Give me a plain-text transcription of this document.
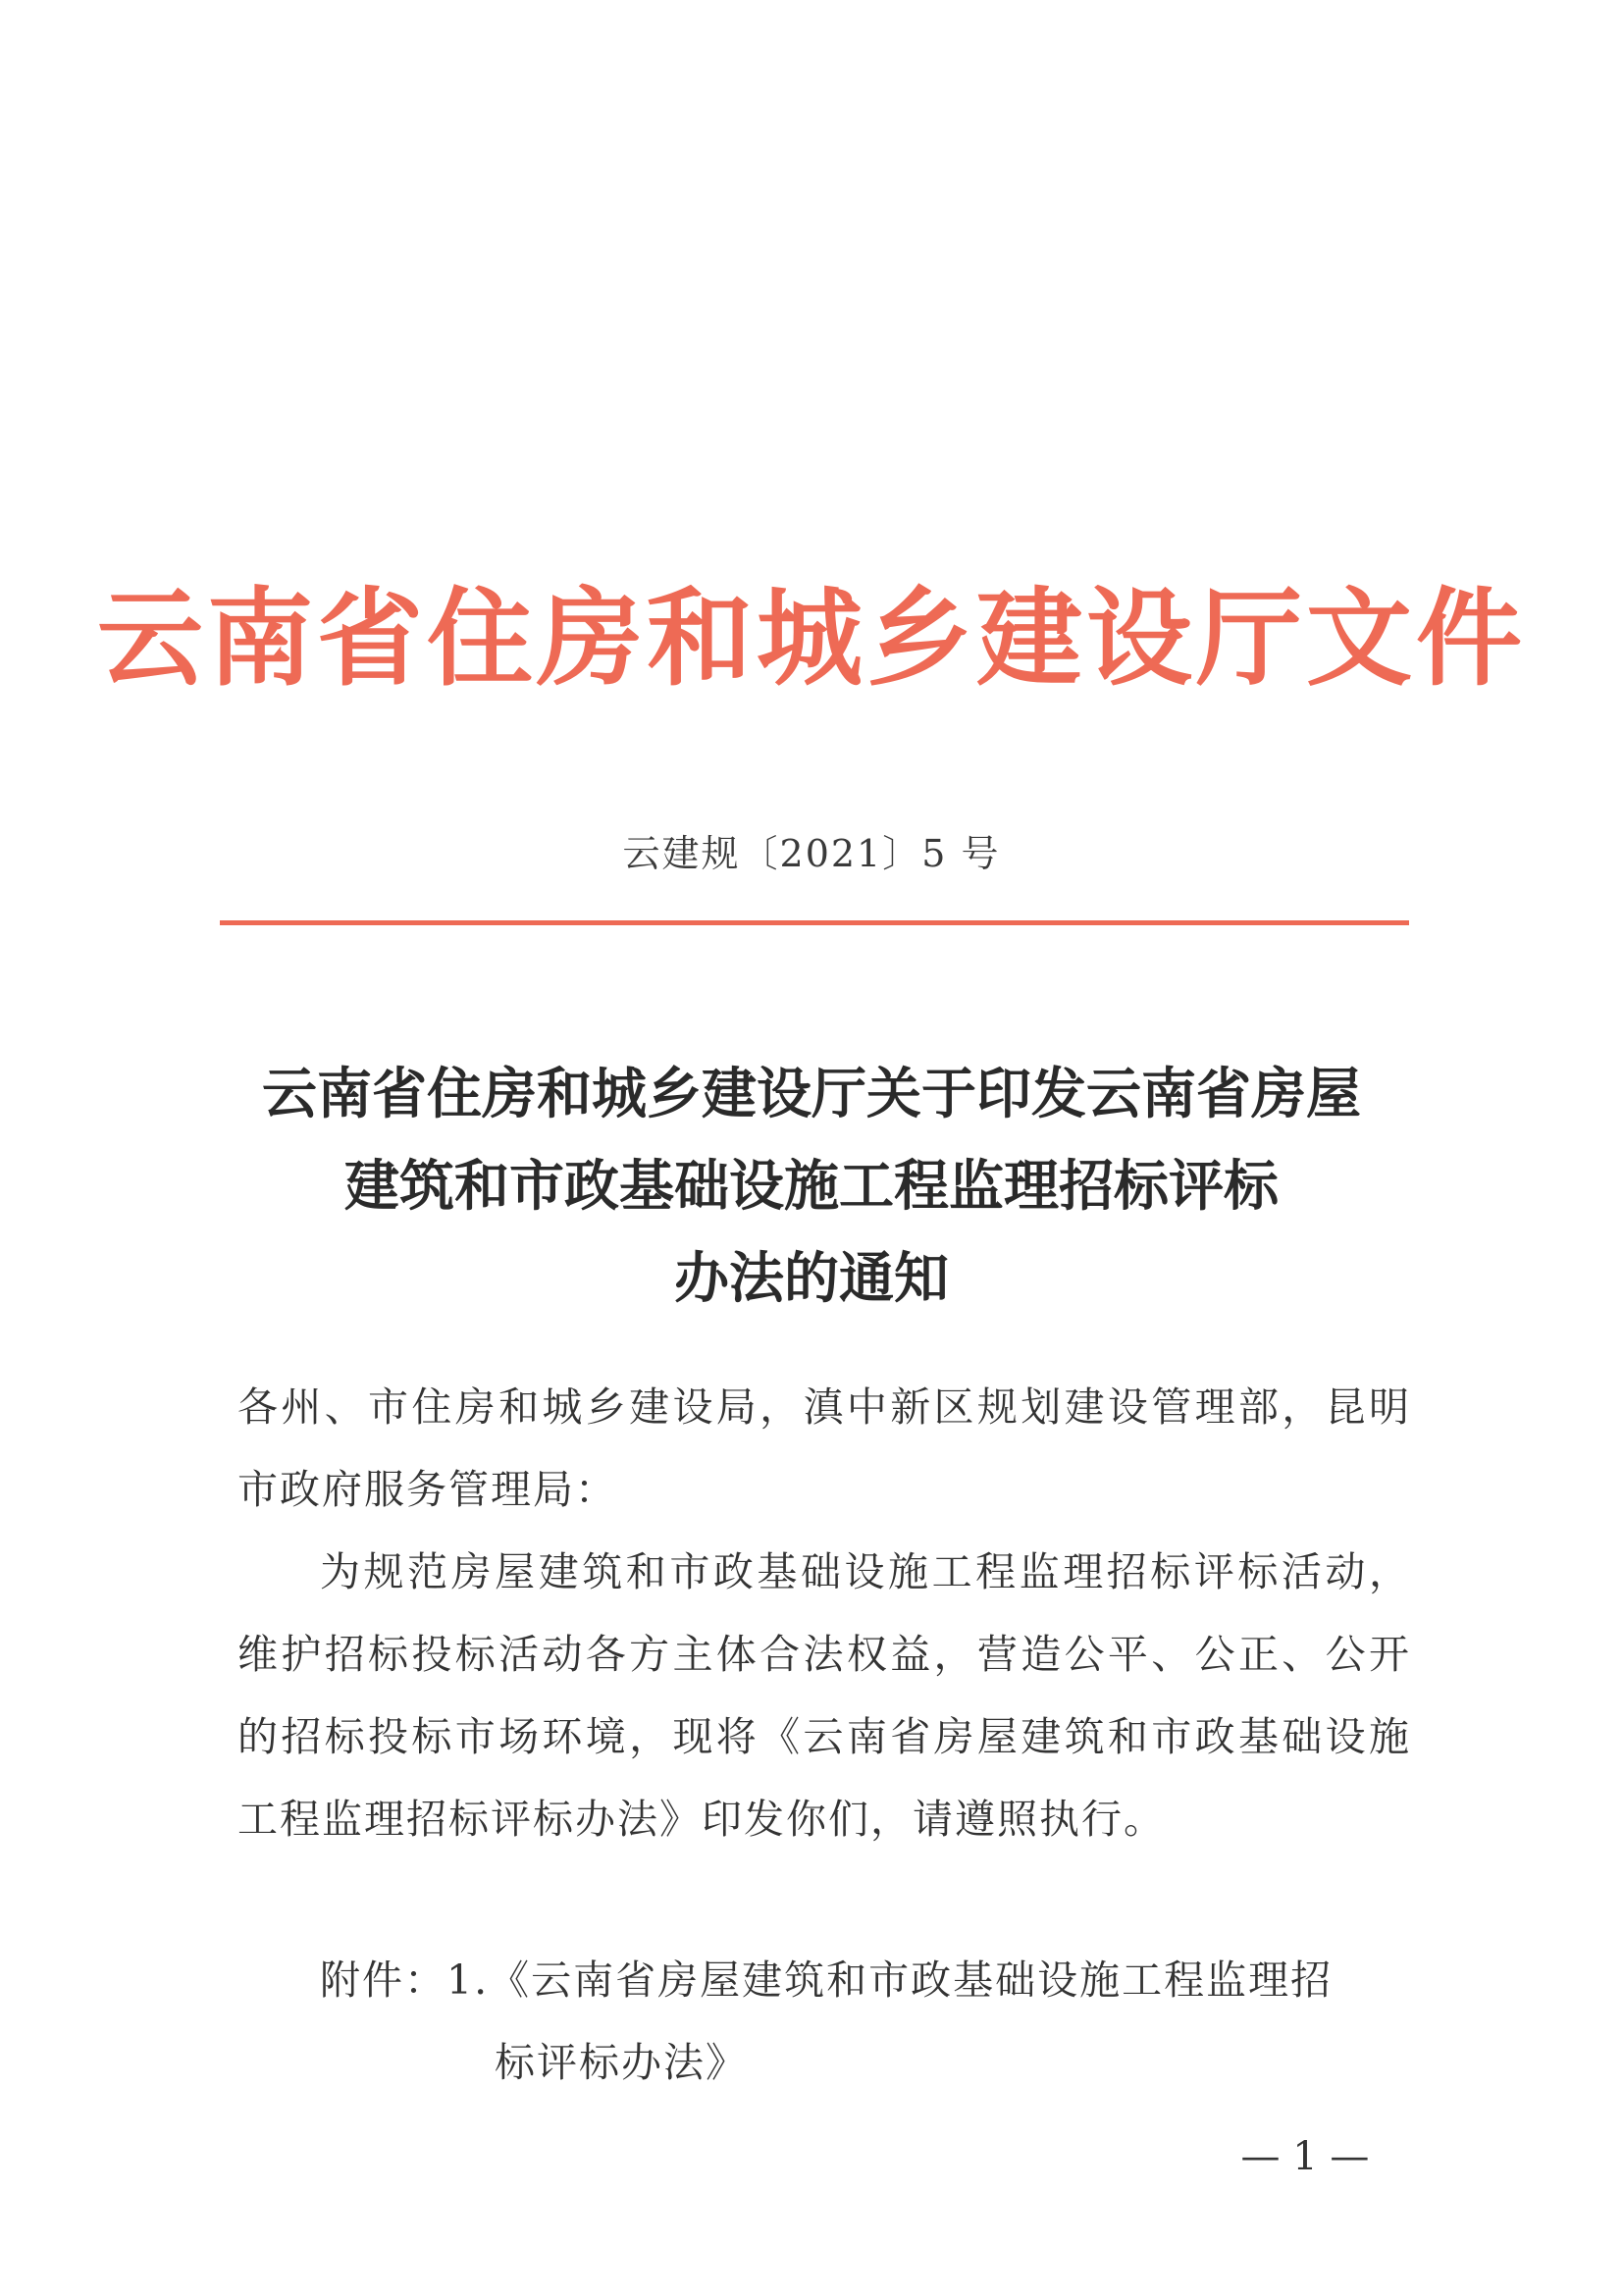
云南省住房和城乡建设厅文件
云建规〔2021〕5 号
云南省住房和城乡建设厅关于印发云南省房屋
建筑和市政基础设施工程监理招标评标
办法的通知
各州、市住房和城乡建设局，滇中新区规划建设管理部，昆明
市政府服务管理局：
为规范房屋建筑和市政基础设施工程监理招标评标活动，
维护招标投标活动各方主体合法权益，营造公平、公正、公开
的招标投标市场环境，现将《云南省房屋建筑和市政基础设施
工程监理招标评标办法》印发你们，请遵照执行。
附件：1.《云南省房屋建筑和市政基础设施工程监理招
标评标办法》
— 1 —
